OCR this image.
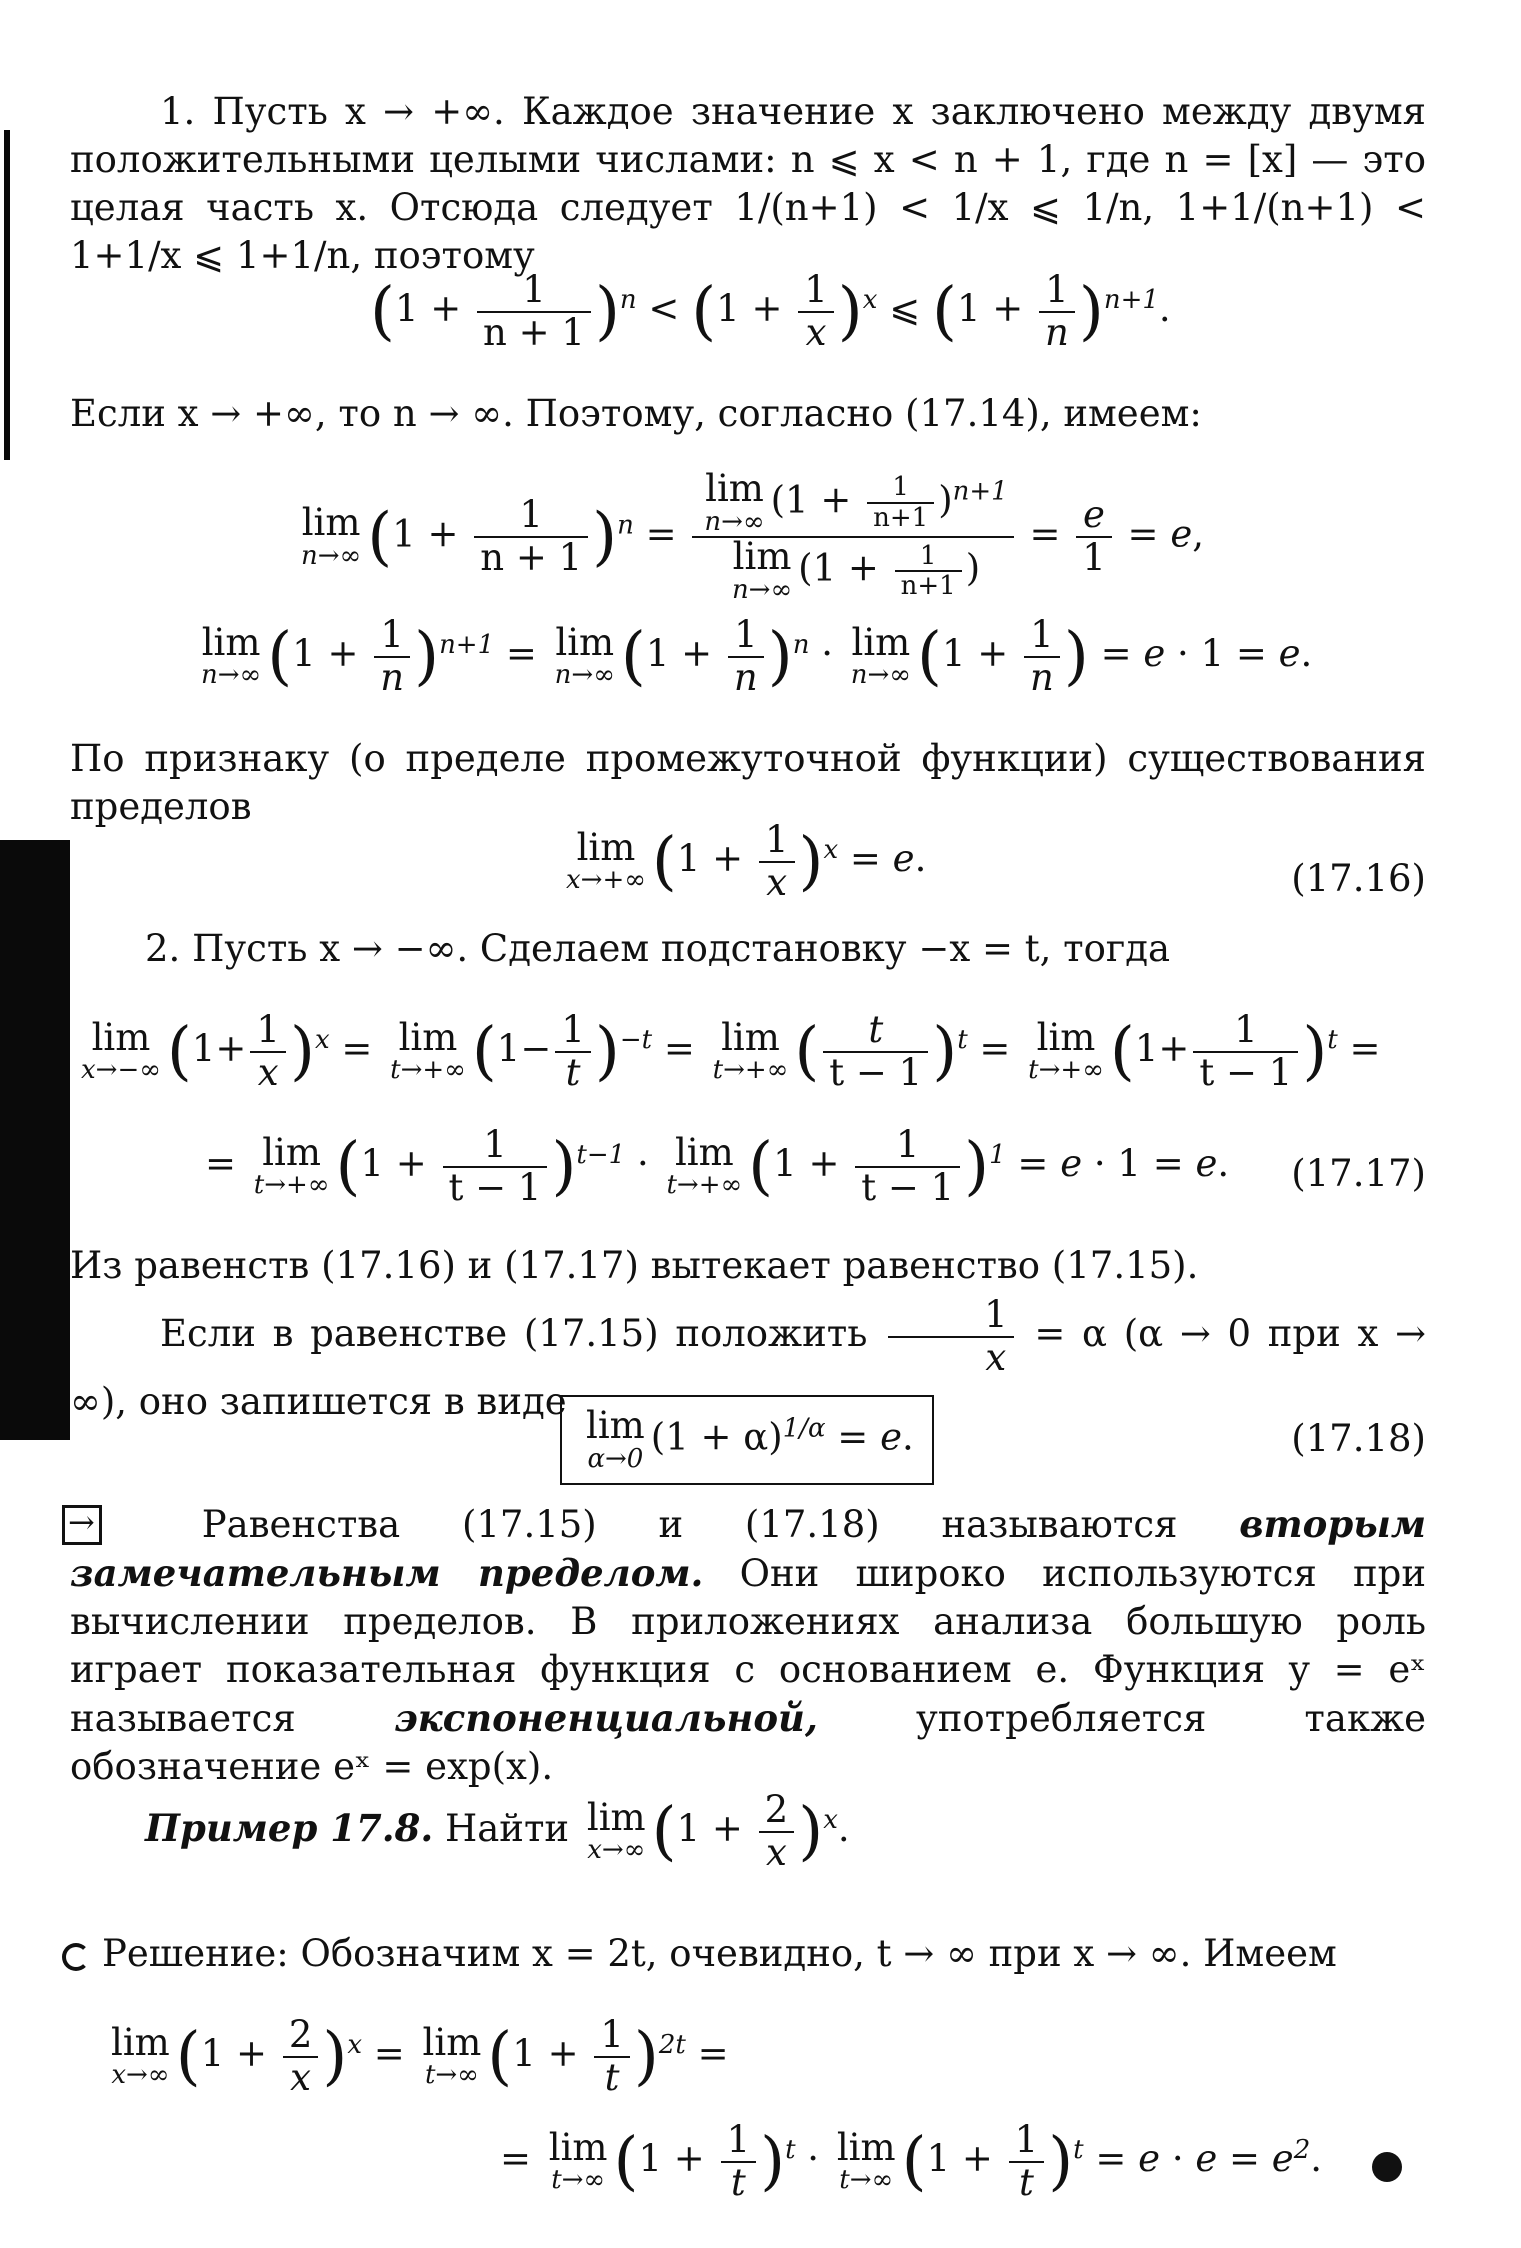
1. Пусть x → +∞. Каждое значение x заключено между двумя положительными целыми числами: n ⩽ x < n + 1, где n = [x] — это целая часть x. Отсюда следует 1/(n+1) < 1/x ⩽ 1/n, 1+1/(n+1) < 1+1/x ⩽ 1+1/n, поэтому
$(1 + \frac{1}{n + 1} )^n < (1 + \frac{1}{x} )^x$ ⩽ $(1 + \frac{1}{n} )^{n+1}$.
Если x → +∞, то n → ∞. Поэтому, согласно (17.14), имеем:
lim
n→∞ $(1 + \frac{1}{n + 1} )^n = \lim$
n→∞
$(1 + \frac{1}{n+1} )^{n+1}$
lim
n→∞
($1 + \frac{1}{n+1}$ ) = $\frac{e}{1} = e$,
lim
n→∞ $(1 + \frac{1}{n} )^{n+1} = \lim$
n→∞ $(1 + \frac{1}{n} )^n \cdot \lim$
n→∞ ($1 + \frac{1}{n}$ ) = e · 1 = e.
По признаку (о пределе промежуточной функции) существования пределов
lim
x→+∞ $(1 + \frac{1}{x} )^x = e$.	(17.16)
2. Пусть x → −∞. Сделаем подстановку −x = t, тогда
lim
x→−∞ $(1+ \frac{1}{x} )^x = \lim$
t→+∞ $(1- \frac{1}{t} )^{-t} = \lim$
t→+∞ ( $\frac{t}{t - 1} )^t = \lim$
t→+∞ $(1+ \frac{1}{t - 1} )^t$ =
= lim
t→+∞ $(1 + \frac{1}{t - 1} )^{t-1} \cdot \lim$
t→+∞ $(1 + \frac{1}{t - 1} )^1 = e \cdot 1 = e$. (17.17)
Из равенств (17.16) и (17.17) вытекает равенство (17.15).
Если в равенстве (17.15) положить $\frac{1}{x} = \alpha$ (α → 0 при x → ∞), оно запишется в виде
lim
α→0
$(1 + \alpha)^{1/\alpha} = e$.	(17.18)
→
Равенства (17.15) и (17.18) называются вторым замечательным пределом. Они широко используются при вычислении пределов. В приложениях анализа большую роль играет показательная функция с основанием e. Функция y = eˣ называется	экспоненциальной,	употребляется также обозначение eˣ = exp(x).
Пример 17.8. Найти lim
x→∞ $(1 + \frac{2}{x} )^x$.
Решение: Обозначим x = 2t, очевидно, t → ∞ при x → ∞. Имеем
lim
x→∞ $(1 + \frac{2}{x} )^x = \lim$
t→∞ $(1 + \frac{1}{t} )^{2t}$ =
= lim
t→∞ $(1 + \frac{1}{t} )^t \cdot \lim$
t→∞ $(1 + \frac{1}{t} )^t = e \cdot e = e^2$.
